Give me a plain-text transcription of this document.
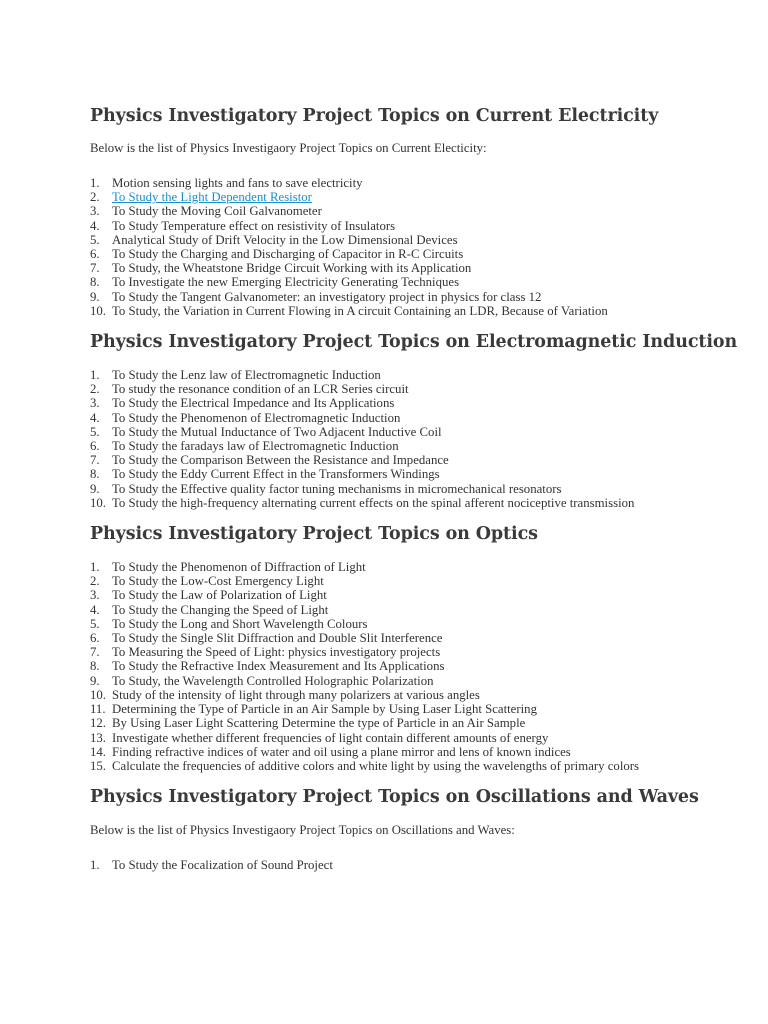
Physics Investigatory Project Topics on Current Electricity

Below is the list of Physics Investigaory Project Topics on Current Electicity:

1. Motion sensing lights and fans to save electricity
2. To Study the Light Dependent Resistor
3. To Study the Moving Coil Galvanometer
4. To Study Temperature effect on resistivity of Insulators
5. Analytical Study of Drift Velocity in the Low Dimensional Devices
6. To Study the Charging and Discharging of Capacitor in R-C Circuits
7. To Study, the Wheatstone Bridge Circuit Working with its Application
8. To Investigate the new Emerging Electricity Generating Techniques
9. To Study the Tangent Galvanometer: an investigatory project in physics for class 12
10. To Study, the Variation in Current Flowing in A circuit Containing an LDR, Because of Variation
Physics Investigatory Project Topics on Electromagnetic Induction
1. To Study the Lenz law of Electromagnetic Induction
2. To study the resonance condition of an LCR Series circuit
3. To Study the Electrical Impedance and Its Applications
4. To Study the Phenomenon of Electromagnetic Induction
5. To Study the Mutual Inductance of Two Adjacent Inductive Coil
6. To Study the faradays law of Electromagnetic Induction
7. To Study the Comparison Between the Resistance and Impedance
8. To Study the Eddy Current Effect in the Transformers Windings
9. To Study the Effective quality factor tuning mechanisms in micromechanical resonators
10. To Study the high-frequency alternating current effects on the spinal afferent nociceptive transmission
Physics Investigatory Project Topics on Optics
1. To Study the Phenomenon of Diffraction of Light
2. To Study the Low-Cost Emergency Light
3. To Study the Law of Polarization of Light
4. To Study the Changing the Speed of Light
5. To Study the Long and Short Wavelength Colours
6. To Study the Single Slit Diffraction and Double Slit Interference
7. To Measuring the Speed of Light: physics investigatory projects
8. To Study the Refractive Index Measurement and Its Applications
9. To Study, the Wavelength Controlled Holographic Polarization
10. Study of the intensity of light through many polarizers at various angles
11. Determining the Type of Particle in an Air Sample by Using Laser Light Scattering
12. By Using Laser Light Scattering Determine the type of Particle in an Air Sample
13. Investigate whether different frequencies of light contain different amounts of energy
14. Finding refractive indices of water and oil using a plane mirror and lens of known indices
15. Calculate the frequencies of additive colors and white light by using the wavelengths of primary colors
Physics Investigatory Project Topics on Oscillations and Waves

Below is the list of Physics Investigaory Project Topics on Oscillations and Waves:

1. To Study the Focalization of Sound Project
